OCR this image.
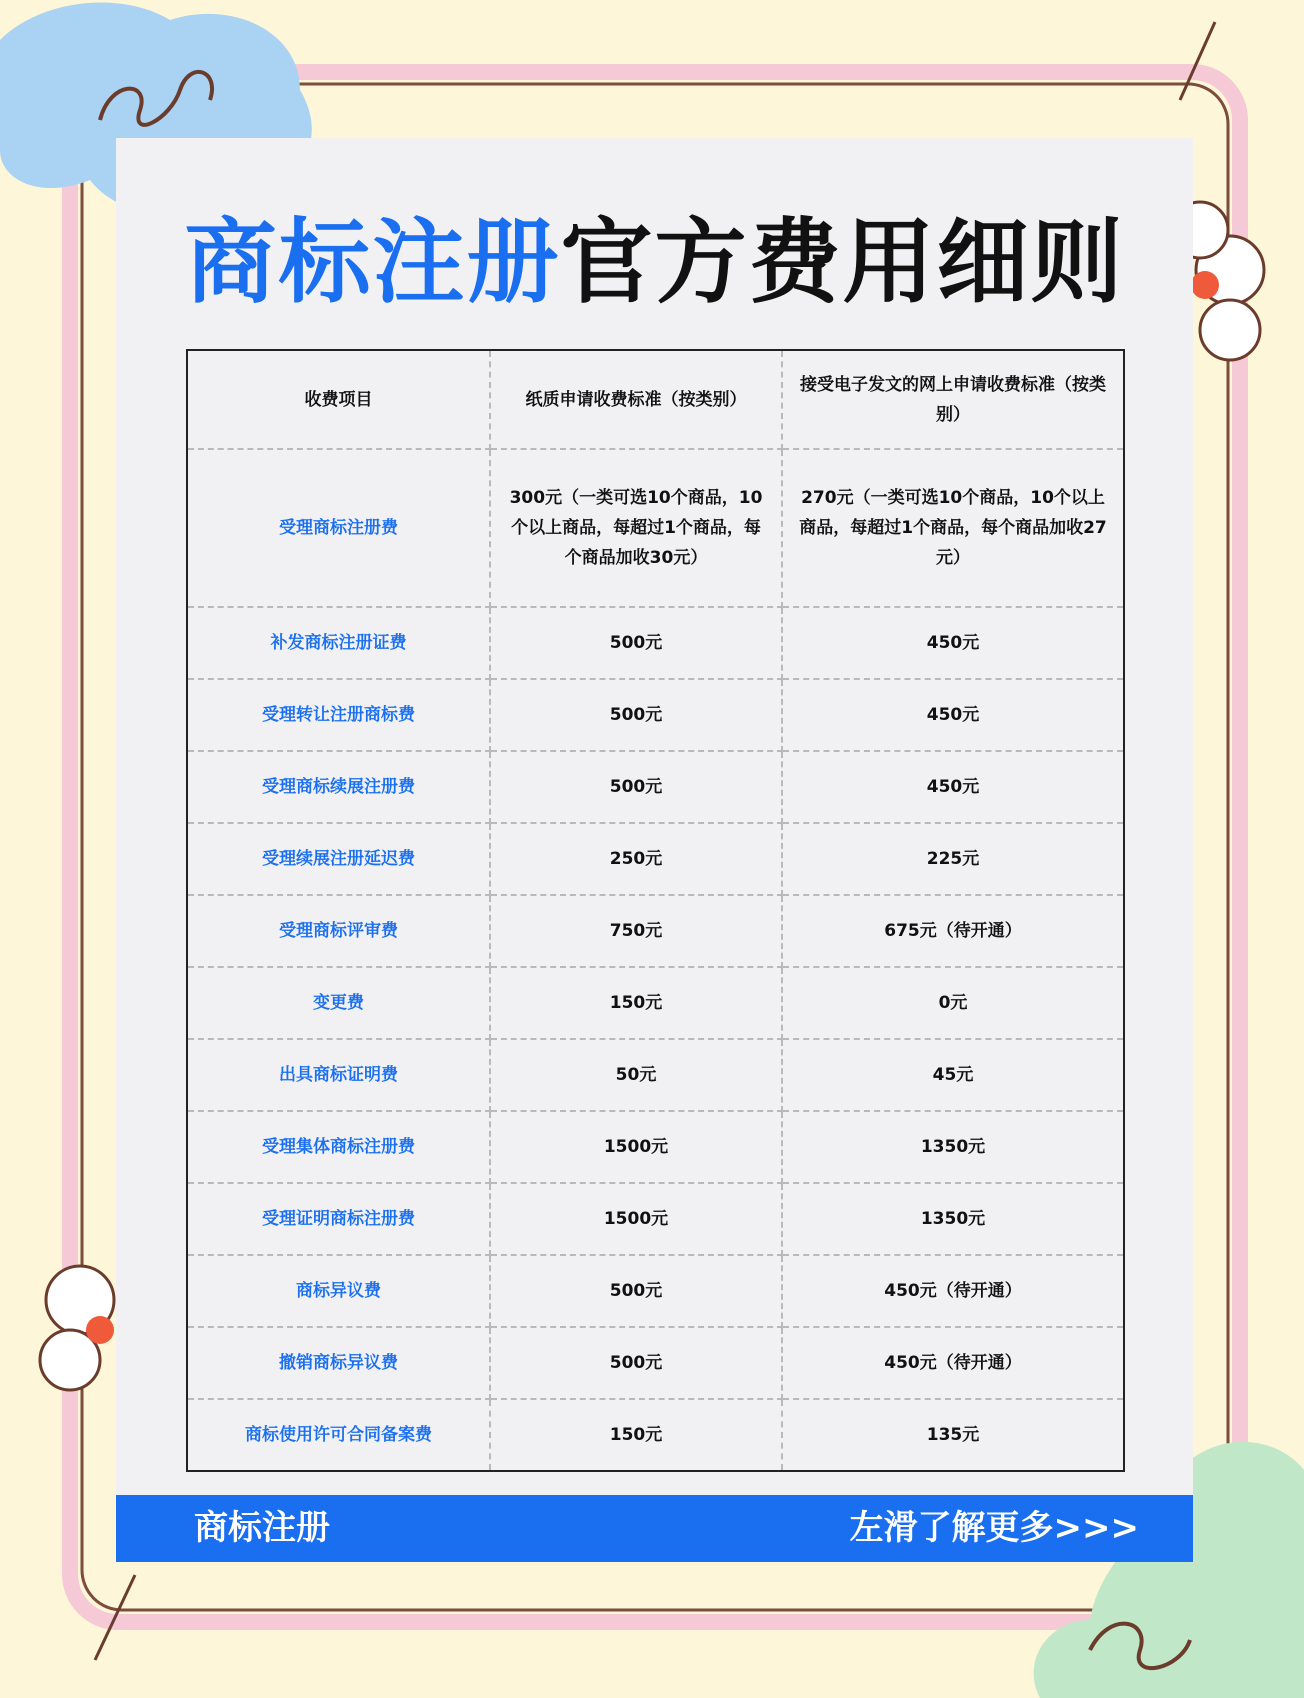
商标注册官方费用细则
收费项目	纸质申请收费标准（按类别）	接受电子发文的网上申请收费标准（按类别）
受理商标注册费	300元（一类可选10个商品，10个以上商品，每超过1个商品，每个商品加收30元）	270元（一类可选10个商品，10个以上商品，每超过1个商品，每个商品加收27元）
补发商标注册证费	500元	450元
受理转让注册商标费	500元	450元
受理商标续展注册费	500元	450元
受理续展注册延迟费	250元	225元
受理商标评审费	750元	675元（待开通）
变更费	150元	0元
出具商标证明费	50元	45元
受理集体商标注册费	1500元	1350元
受理证明商标注册费	1500元	1350元
商标异议费	500元	450元（待开通）
撤销商标异议费	500元	450元（待开通）
商标使用许可合同备案费	150元	135元
商标注册	左滑了解更多>>>
